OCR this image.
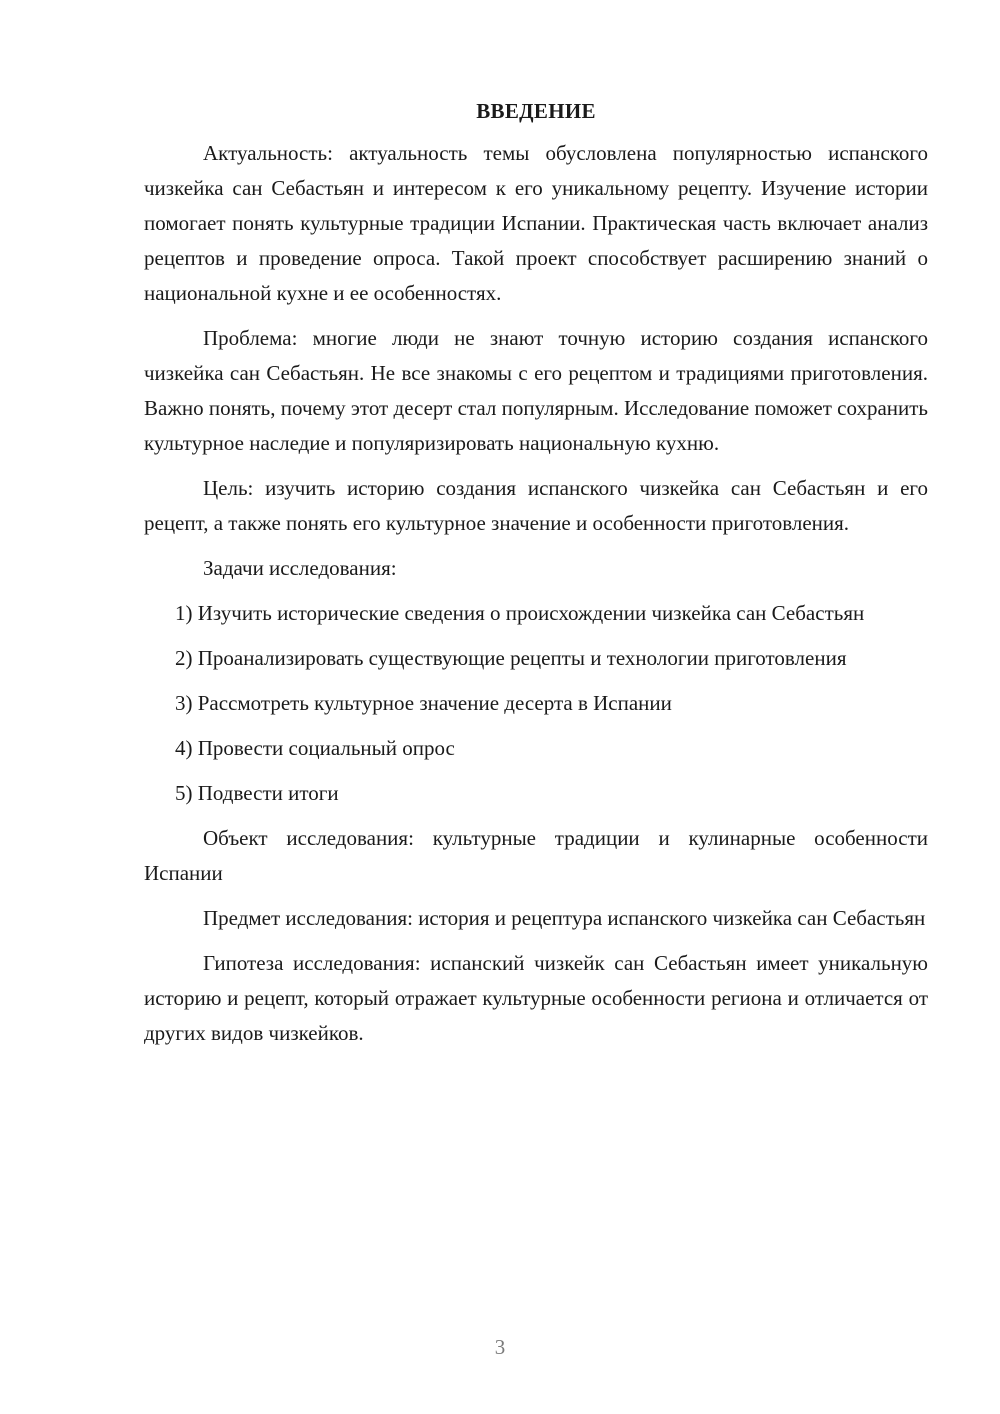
ВВЕДЕНИЕ

Актуальность: актуальность темы обусловлена популярностью испанского чизкейка сан Себастьян и интересом к его уникальному рецепту. Изучение истории помогает понять культурные традиции Испании. Практическая часть включает анализ рецептов и проведение опроса. Такой проект способствует расширению знаний о национальной кухне и ее особенностях.

Проблема: многие люди не знают точную историю создания испанского чизкейка сан Себастьян. Не все знакомы с его рецептом и традициями приготовления. Важно понять, почему этот десерт стал популярным. Исследование поможет сохранить культурное наследие и популяризировать национальную кухню.

Цель: изучить историю создания испанского чизкейка сан Себастьян и его рецепт, а также понять его культурное значение и особенности приготовления.

Задачи исследования:

1) Изучить исторические сведения о происхождении чизкейка сан Себастьян

2) Проанализировать существующие рецепты и технологии приготовления

3) Рассмотреть культурное значение десерта в Испании

4) Провести социальный опрос

5) Подвести итоги

Объект исследования: культурные традиции и кулинарные особенности Испании

Предмет исследования: история и рецептура испанского чизкейка сан Себастьян

Гипотеза исследования: испанский чизкейк сан Себастьян имеет уникальную историю и рецепт, который отражает культурные особенности региона и отличается от других видов чизкейков.

3
